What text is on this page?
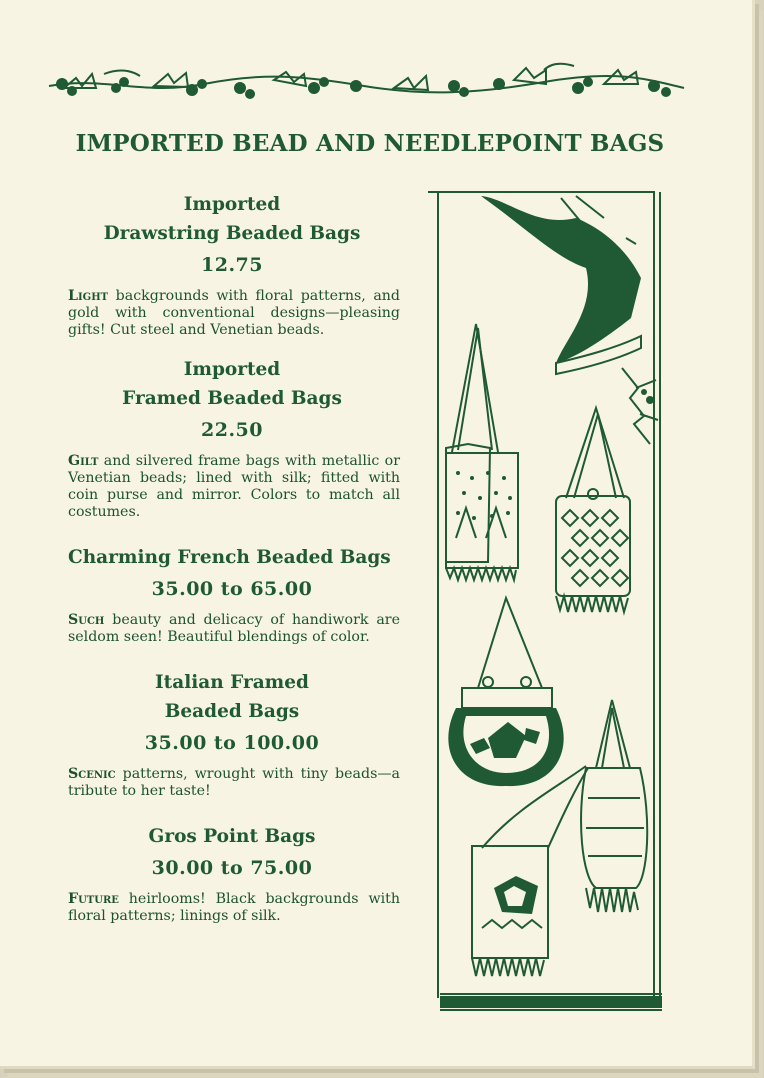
IMPORTED BEAD AND NEEDLEPOINT BAGS

Imported

Drawstring Beaded Bags

12.75

Light backgrounds with floral patterns, and gold with conventional designs—pleasing gifts! Cut steel and Venetian beads.

Imported

Framed Beaded Bags

22.50

Gilt and silvered frame bags with metallic or Venetian beads; lined with silk; fitted with coin purse and mirror. Colors to match all costumes.

Charming French Beaded Bags

35.00 to 65.00

Such beauty and delicacy of handiwork are seldom seen! Beautiful blendings of color.

Italian Framed

Beaded Bags

35.00 to 100.00

Scenic patterns, wrought with tiny beads—a tribute to her taste!

Gros Point Bags

30.00 to 75.00

Future heirlooms! Black backgrounds with floral patterns; linings of silk.
